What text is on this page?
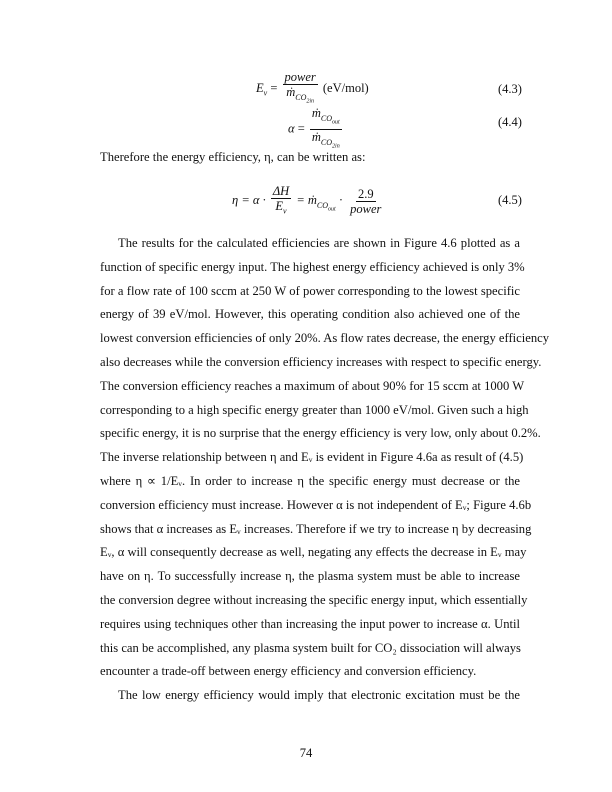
$E_v = \frac{\text{power}}{ṁ_{CO_{2in}}} (eV/mol)$	(4.3)
$\alpha = \frac{ṁ_{CO_{out}}}{ṁ_{CO_{2in}}}$	(4.4)
Therefore the energy efficiency, η, can be written as:
$\eta = \alpha \cdot \frac{\Delta H}{E_v}$ = ṁ$_{CO_{out}}$ · $\frac{2.9}{\text{power}}$	(4.5)
The results for the calculated efficiencies are shown in Figure 4.6 plotted as a
function of specific energy input. The highest energy efficiency achieved is only 3%
for a flow rate of 100 sccm at 250 W of power corresponding to the lowest specific
energy of 39 eV/mol. However, this operating condition also achieved one of the
lowest conversion efficiencies of only 20%. As flow rates decrease, the energy efficiency
also decreases while the conversion efficiency increases with respect to specific energy.
The conversion efficiency reaches a maximum of about 90% for 15 sccm at 1000 W
corresponding to a high specific energy greater than 1000 eV/mol. Given such a high
specific energy, it is no surprise that the energy efficiency is very low, only about 0.2%.
The inverse relationship between η and Eᵥ is evident in Figure 4.6a as result of (4.5)
where η ∝ 1/Eᵥ. In order to increase η the specific energy must decrease or the
conversion efficiency must increase. However α is not independent of Eᵥ; Figure 4.6b
shows that α increases as Eᵥ increases. Therefore if we try to increase η by decreasing
Eᵥ, α will consequently decrease as well, negating any effects the decrease in Eᵥ may
have on η. To successfully increase η, the plasma system must be able to increase
the conversion degree without increasing the specific energy input, which essentially
requires using techniques other than increasing the input power to increase α. Until
this can be accomplished, any plasma system built for CO₂ dissociation will always
encounter a trade-off between energy efficiency and conversion efficiency.
The low energy efficiency would imply that electronic excitation must be the
74
